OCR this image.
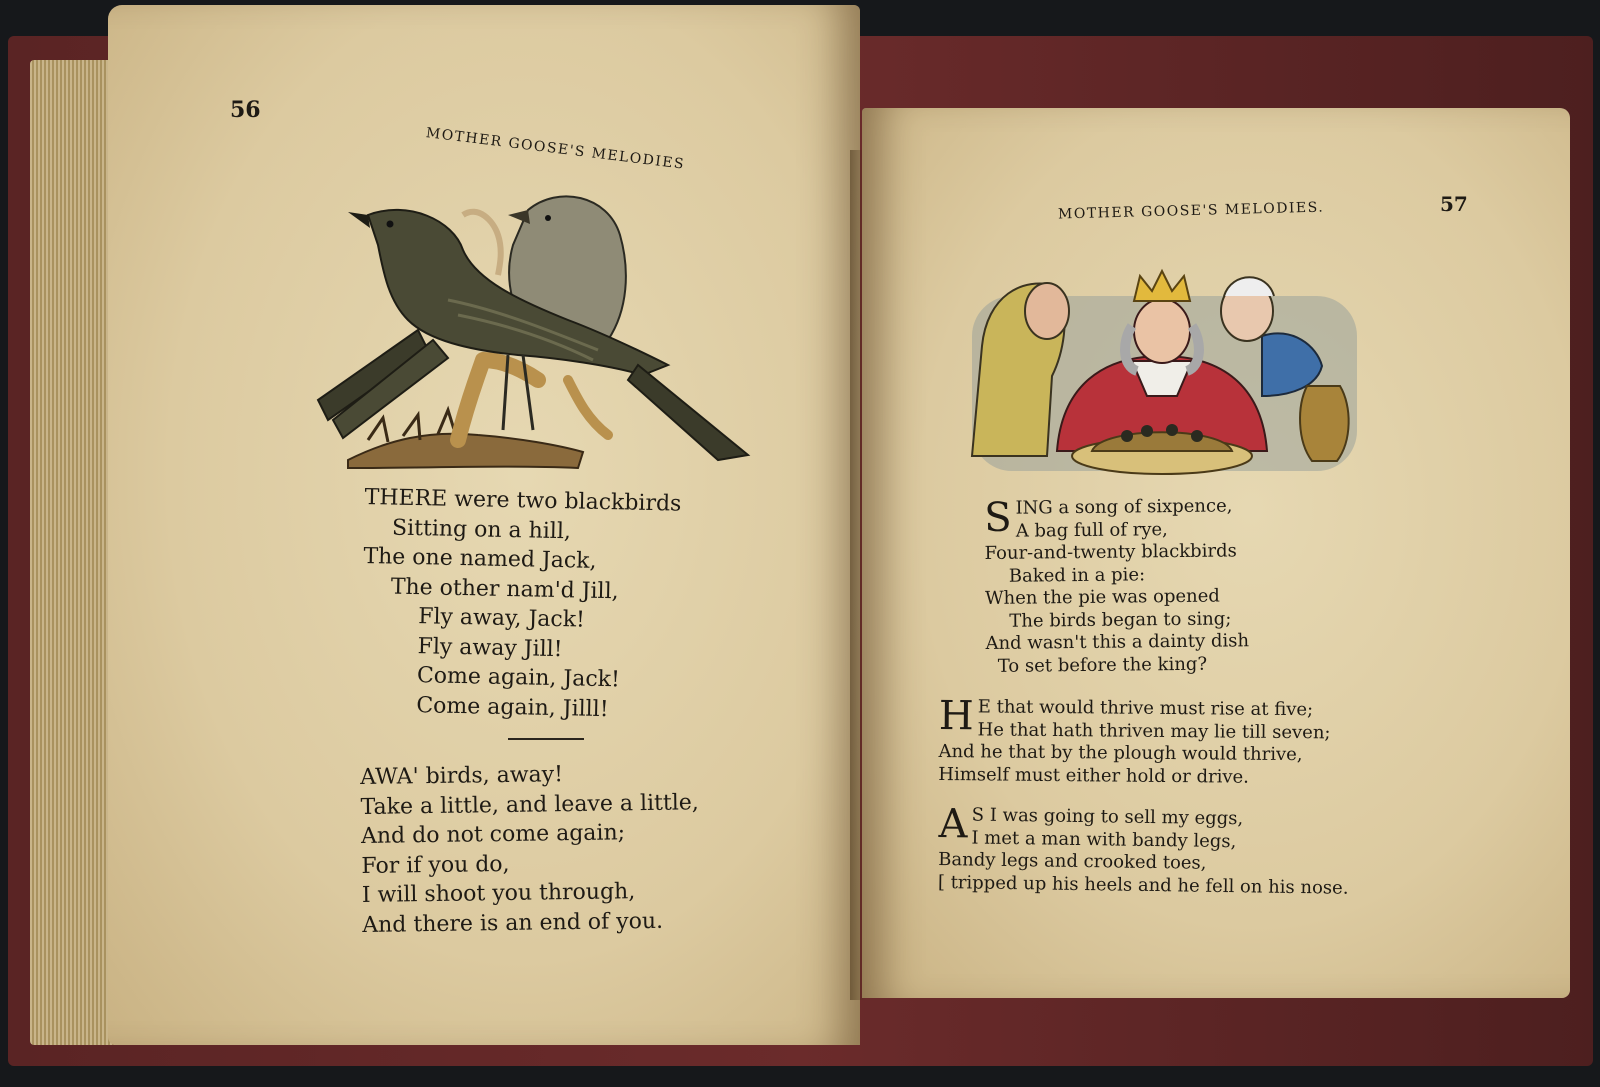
56
MOTHER GOOSE'S MELODIES
THERE were two blackbirds
Sitting on a hill,
The one named Jack,
The other nam'd Jill,
Fly away, Jack!
Fly away Jill!
Come again, Jack!
Come again, Jilll!
AWA' birds, away!
Take a little, and leave a little,
And do not come again;
For if you do,
I will shoot you through,
And there is an end of you.
MOTHER GOOSE'S MELODIES.	57
S ING a song of sixpence,
A bag full of rye,
Four-and-twenty blackbirds
Baked in a pie:
When the pie was opened
The birds began to sing;
And wasn't this a dainty dish
To set before the king?
H E that would thrive must rise at five;
He that hath thriven may lie till seven;
And he that by the plough would thrive,
Himself must either hold or drive.
A S I was going to sell my eggs,
I met a man with bandy legs,
Bandy legs and crooked toes,
[ tripped up his heels and he fell on his nose.
